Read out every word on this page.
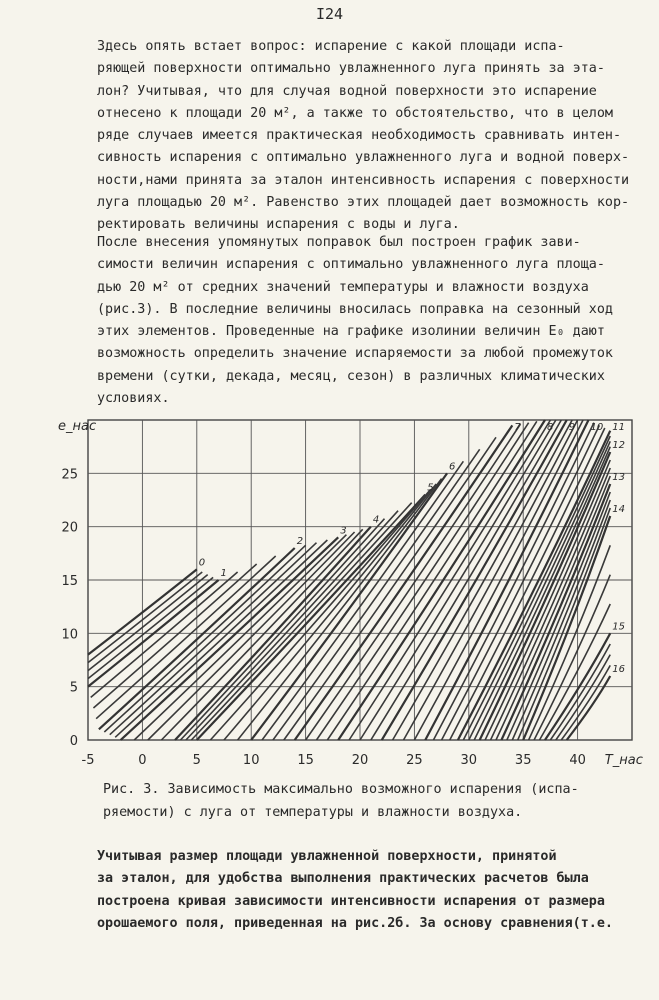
I24
Здесь опять встает вопрос: испарение с какой площади испа-
ряющей поверхности оптимально увлажненного луга принять за эта-
лон? Учитывая, что для случая водной поверхности это испарение
отнесено к площади 20 м², а также то обстоятельство, что в целом
ряде случаев имеется практическая необходимость сравнивать интен-
сивность испарения с оптимально увлажненного луга и водной поверх-
ности,нами принята за эталон интенсивность испарения с поверхности
луга площадью 20 м². Равенство этих площадей дает возможность кор-
ректировать величины испарения с воды и луга.
После внесения упомянутых поправок был построен график зави-
симости величин испарения с оптимально увлажненного луга площа-
дью 20 м² от средних значений температуры и влажности воздуха
(рис.3). В последние величины вносилась поправка на сезонный ход
этих элементов. Проведенные на графике изолинии величин E₀ дают
возможность определить значение испаряемости за любой промежуток
времени (сутки, декада, месяц, сезон) в различных климатических
условиях.
-5	0	5	10	15	20	25	30	35	40
0
5
10
15
20
25
e_нас
T_нас
0
1
2
3
4
5
6
7	8 9 10 11
12
13
14
15
16
Рис. 3. Зависимость максимально возможного испарения (испа-
ряемости) с луга от температуры и влажности воздуха.
Учитывая размер площади увлажненной поверхности, принятой
за эталон, для удобства выполнения практических расчетов была
построена кривая зависимости интенсивности испарения от размера
орошаемого поля, приведенная на рис.2б. За основу сравнения(т.е.
